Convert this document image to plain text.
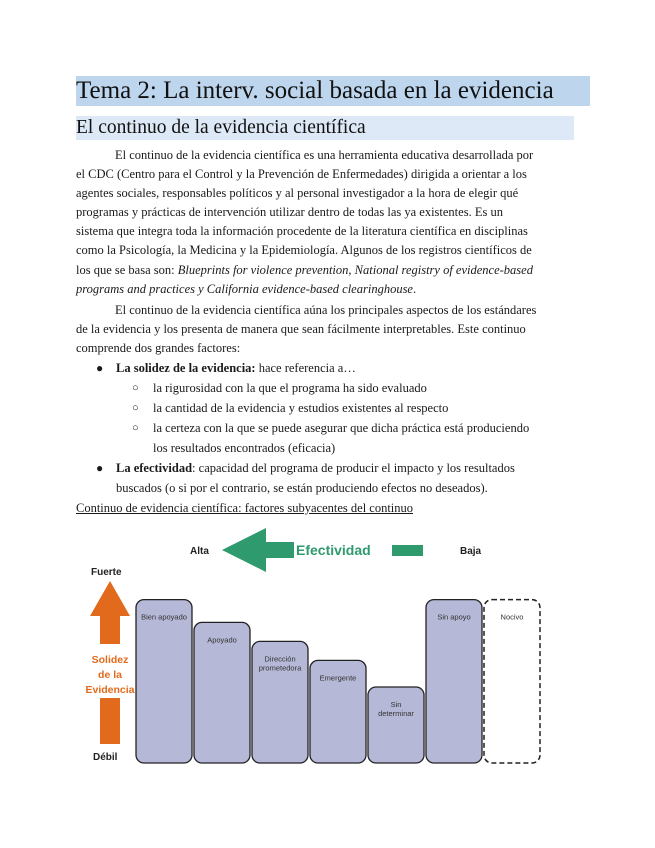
Tema 2: La interv. social basada en la evidencia
El continuo de la evidencia científica
El continuo de la evidencia científica es una herramienta educativa desarrollada por
el CDC (Centro para el Control y la Prevención de Enfermedades) dirigida a orientar a los
agentes sociales, responsables políticos y al personal investigador a la hora de elegir qué
programas y prácticas de intervención utilizar dentro de todas las ya existentes. Es un
sistema que integra toda la información procedente de la literatura científica en disciplinas
como la Psicología, la Medicina y la Epidemiología. Algunos de los registros científicos de
los que se basa son: Blueprints for violence prevention, National registry of evidence-based
programs and practices y California evidence-based clearinghouse.
El continuo de la evidencia científica aúna los principales aspectos de los estándares
de la evidencia y los presenta de manera que sean fácilmente interpretables. Este continuo
comprende dos grandes factores:
● La solidez de la evidencia: hace referencia a…
○ la rigurosidad con la que el programa ha sido evaluado
○ la cantidad de la evidencia y estudios existentes al respecto
○ la certeza con la que se puede asegurar que dicha práctica está produciendo
los resultados encontrados (eficacia)
● La efectividad: capacidad del programa de producir el impacto y los resultados
buscados (o si por el contrario, se están produciendo efectos no deseados).
Continuo de evidencia científica: factores subyacentes del continuo
Alta	Efectividad	Baja
Fuerte
Solidez
de la
Evidencia
Débil
Bien apoyado
Apoyado
Dirección
prometedora
Emergente
Sin
determinar
Sin apoyo	Nocivo
